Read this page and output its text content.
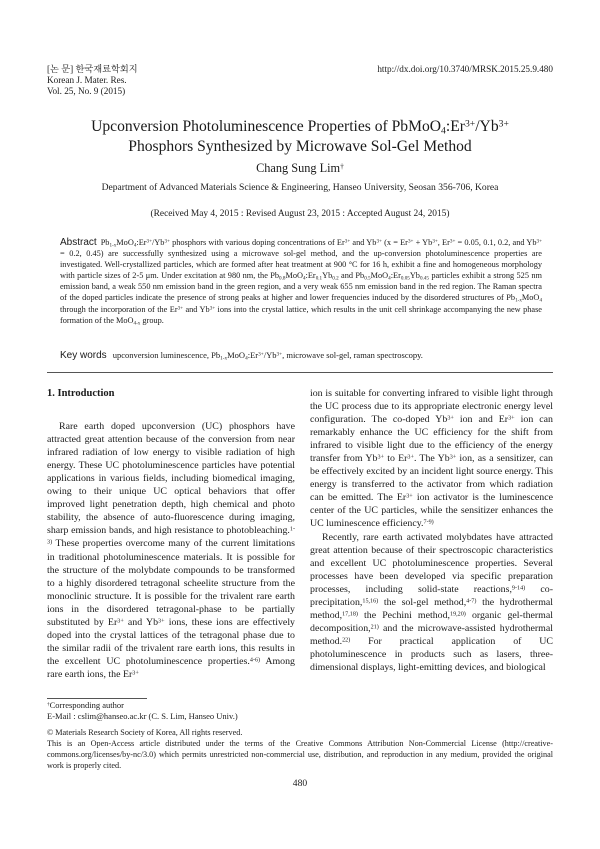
[논 문] 한국재료학회지
Korean J. Mater. Res.
Vol. 25, No. 9 (2015)
http://dx.doi.org/10.3740/MRSK.2015.25.9.480
Upconversion Photoluminescence Properties of $PbMoO_4:Er^{3+}/Yb^{3+}$
Phosphors Synthesized by Microwave Sol-Gel Method
Chang Sung Lim†
Department of Advanced Materials Science & Engineering, Hanseo University, Seosan 356-706, Korea
(Received May 4, 2015 : Revised August 23, 2015 : Accepted August 24, 2015)
Abstract $Pb_{1-x}MoO_4:Er^{3+}/Yb^{3+}$ phosphors with various doping concentrations of $Er^{3+}$ and $Yb^{3+}$ ($x = Er^{3+} + Yb^{3+}$, $Er^{3+} = 0.05$, 0.1, 0.2, and $Yb^{3+} = 0.2$, 0.45) are successfully synthesized using a microwave sol-gel method, and the up-conversion photoluminescence properties are investigated. Well-crystallized particles, which are formed after heat treatment at 900 °C for 16 h, exhibit a fine and homogeneous morphology with particle sizes of 2-5 μm. Under excitation at 980 nm, the $Pb_{0.8}MoO_4:Er_{0.1}Yb_{0.2}$ and $Pb_{0.5}MoO_4:Er_{0.05}Yb_{0.45}$ particles exhibit a strong 525 nm emission band, a weak 550 nm emission band in the green region, and a very weak 655 nm emission band in the red region. The Raman spectra of the doped particles indicate the presence of strong peaks at higher and lower frequencies induced by the disordered structures of $Pb_{1-x}MoO_4$ through the incorporation of the $Er^{3+}$ and $Yb^{3+}$ ions into the crystal lattice, which results in the unit cell shrinkage accompanying the new phase formation of the MoO$_{4-x}$ group.
Key words upconversion luminescence, $Pb_{1-x}MoO_4:Er^{3+}/Yb^{3+}$, microwave sol-gel, raman spectroscopy.

1. Introduction

Rare earth doped upconversion (UC) phosphors have attracted great attention because of the conversion from near infrared radiation of low energy to visible radiation of high energy. These UC photoluminescence particles have potential applications in various fields, including biomedical imaging, owing to their unique UC optical behaviors that offer improved light penetration depth, high chemical and photo stability, the absence of auto-fluorescence during imaging, sharp emission bands, and high resistance to photobleaching.$^{1-3)}$ These properties overcome many of the current limitations in traditional photoluminescence materials. It is possible for the structure of the molybdate compounds to be transformed to a highly disordered tetragonal scheelite structure from the monoclinic structure. It is possible for the trivalent rare earth ions in the disordered tetragonal-phase to be partially substituted by $Er^{3+}$ and $Yb^{3+}$ ions, these ions are effectively doped into the crystal lattices of the tetragonal phase due to the similar radii of the trivalent rare earth ions, this results in the excellent UC photoluminescence properties.$^{4-6)}$ Among rare earth ions, the $Er^{3+}$

ion is suitable for converting infrared to visible light through the UC process due to its appropriate electronic energy level configuration. The co-doped $Yb^{3+}$ ion and $Er^{3+}$ ion can remarkably enhance the UC efficiency for the shift from infrared to visible light due to the efficiency of the energy transfer from $Yb^{3+}$ to $Er^{3+}$. The $Yb^{3+}$ ion, as a sensitizer, can be effectively excited by an incident light source energy. This energy is transferred to the activator from which radiation can be emitted. The $Er^{3+}$ ion activator is the luminescence center of the UC particles, while the sensitizer enhances the UC luminescence efficiency.$^{7-9)}$

Recently, rare earth activated molybdates have attracted great attention because of their spectroscopic characteristics and excellent UC photoluminescence properties. Several processes have been developed via specific preparation processes, including solid-state reactions,$^{9-14)}$ co-precipitation,$^{15,16)}$ the sol-gel method,$^{4-7)}$ the hydrothermal method,$^{17,18)}$ the Pechini method,$^{19,20)}$ organic gel-thermal decomposition,$^{21)}$ and the microwave-assisted hydrothermal method.$^{22)}$ For practical application of UC photoluminescence in products such as lasers, three-dimensional displays, light-emitting devices, and biological

†Corresponding author
E-Mail : cslim@hanseo.ac.kr (C. S. Lim, Hanseo Univ.)
© Materials Research Society of Korea, All rights reserved.
This is an Open-Access article distributed under the terms of the Creative Commons Attribution Non-Commercial License (http://creative-commons.org/licenses/by-nc/3.0) which permits unrestricted non-commercial use, distribution, and reproduction in any medium, provided the original work is properly cited.
480
